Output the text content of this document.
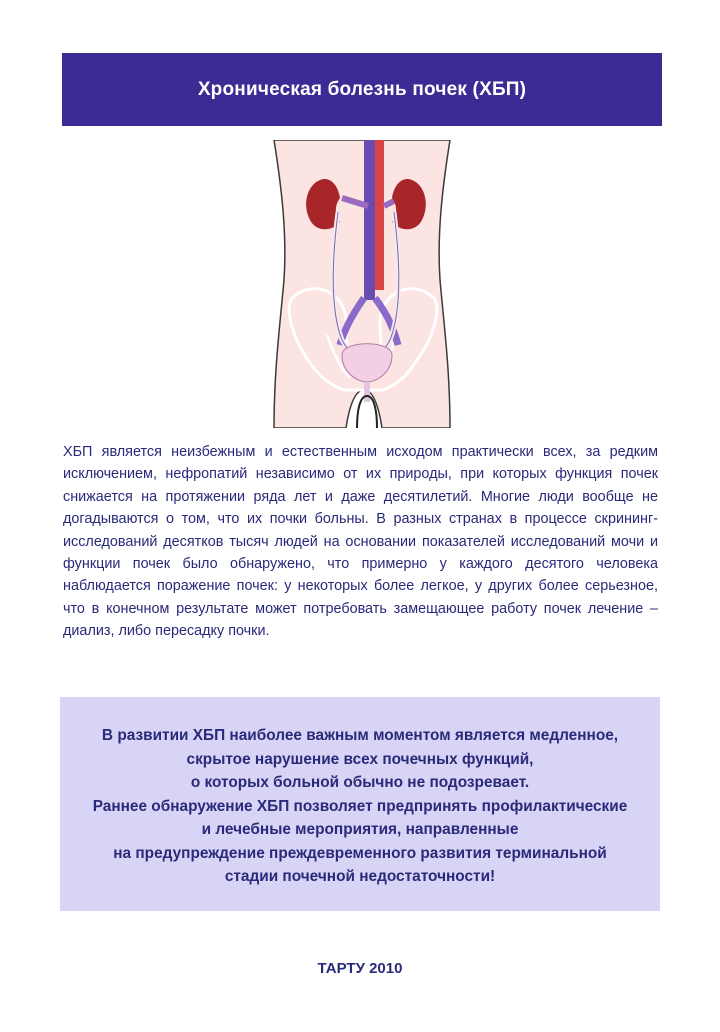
Хроническая болезнь почек (ХБП)
ХБП является неизбежным и естественным исходом практически всех, за редким исключением, нефропатий независимо от их природы, при которых функция почек снижается на протяжении ряда лет и даже десятилетий. Многие люди вообще не догадываются о том, что их почки больны. В разных странах в процессе скрининг-исследований десятков тысяч людей на основании показателей исследований мочи и функции почек было обнаружено, что примерно у каждого десятого человека наблюдается поражение почек: у некоторых более легкое, у других более серьезное, что в конечном результате может потребовать замещающее работу почек лечение – диализ, либо пересадку почки.

В развитии ХБП наиболее важным моментом является медленное,

скрытое нарушение всех почечных функций,

о которых больной обычно не подозревает.

Раннее обнаружение ХБП позволяет предпринять профилактические

и лечебные мероприятия, направленные

на предупреждение преждевременного развития терминальной

стадии почечной недостаточности!

ТАРТУ 2010
